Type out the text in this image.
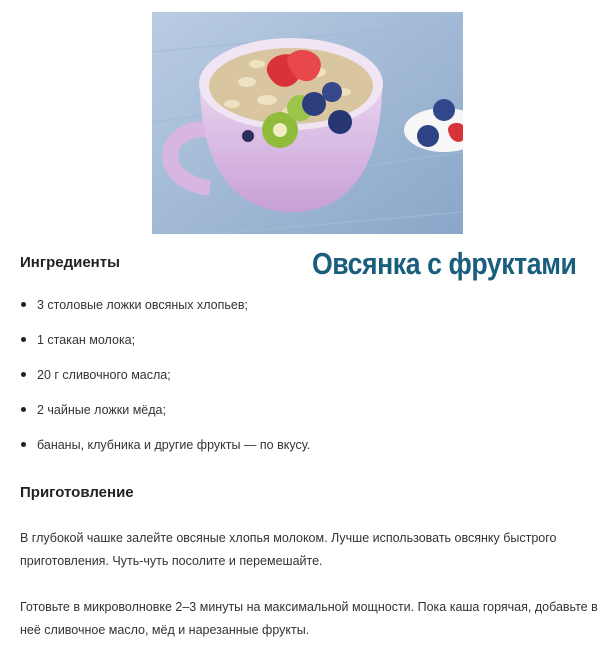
Овсянка с фруктами
Ингредиенты
3 столовые ложки овсяных хлопьев;
1 стакан молока;
20 г сливочного масла;
2 чайные ложки мёда;
бананы, клубника и другие фрукты — по вкусу.
Приготовление

В глубокой чашке залейте овсяные хлопья молоком. Лучше использовать овсянку быстрого приготовления. Чуть-чуть посолите и перемешайте.

Готовьте в микроволновке 2–3 минуты на максимальной мощности. Пока каша горячая, добавьте в неё сливочное масло, мёд и нарезанные фрукты.
